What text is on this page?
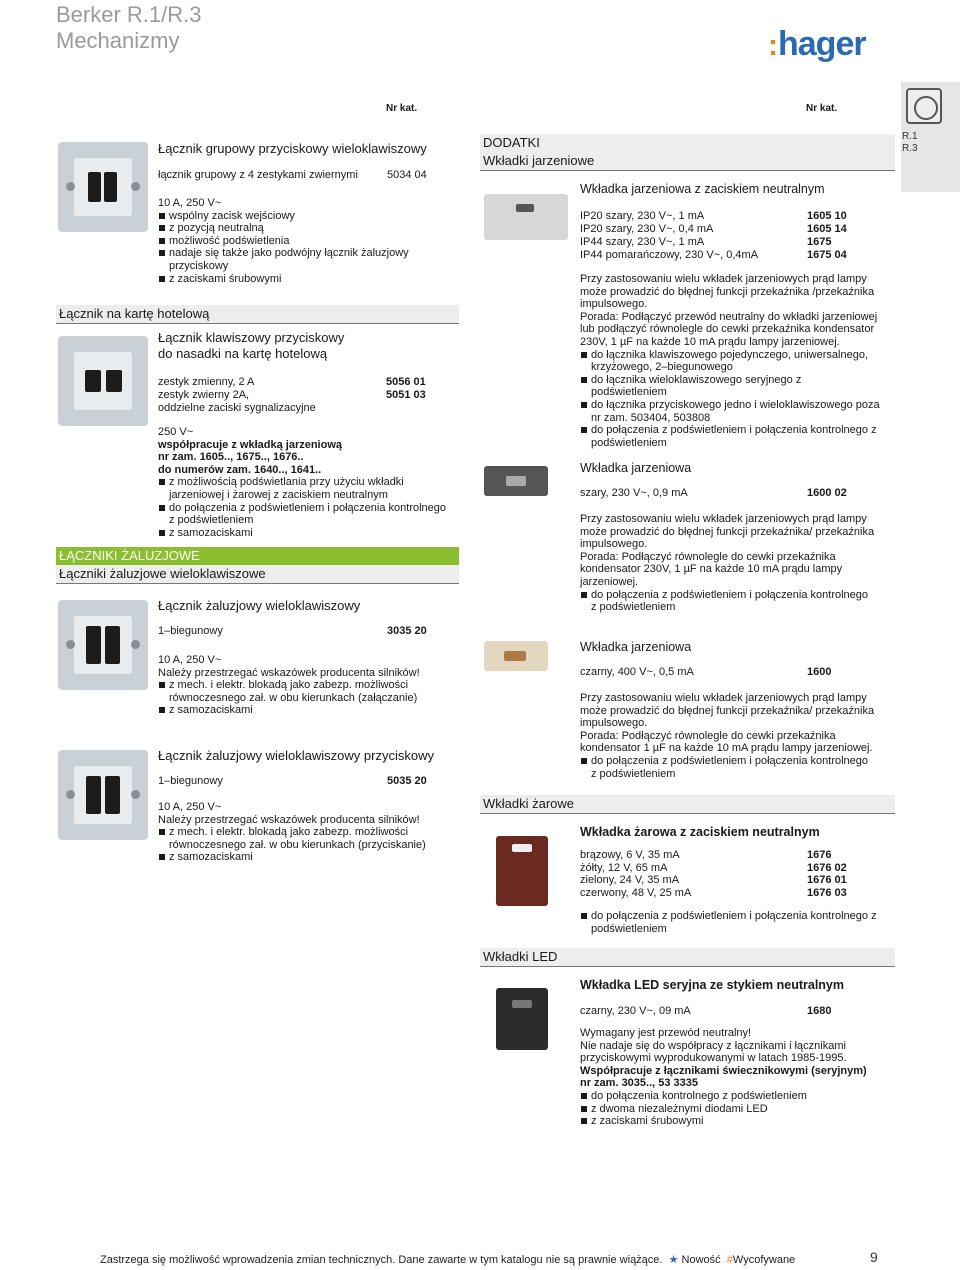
Berker R.1/R.3
Mechanizmy	:hager
Nr kat.	Nr kat.
R.1
R.3
Łącznik grupowy przyciskowy wieloklawiszowy
łącznik grupowy z 4 zestykami zwiernymi	5034 04
10 A, 250 V~
wspólny zacisk wejściowy
z pozycją neutralną
możliwość podświetlenia
nadaje się także jako podwójny łącznik żaluzjowy przyciskowy
z zaciskami śrubowymi
Łącznik na kartę hotelową
Łącznik klawiszowy przyciskowy
do nasadki na kartę hotelową
zestyk zmienny, 2 A	5056 01
zestyk zwierny 2A,	5051 03
oddzielne zaciski sygnalizacyjne
250 V~
współpracuje z wkładką jarzeniową
nr zam. 1605.., 1675.., 1676..
do numerów zam. 1640.., 1641..
z możliwością podświetlania przy użyciu wkładki jarzeniowej i żarowej z zaciskiem neutralnym
do połączenia z podświetleniem i połączenia kontrolnego z podświetleniem
z samozaciskami
ŁĄCZNIKI ŻALUZJOWE
Łączniki żaluzjowe wieloklawiszowe
Łącznik żaluzjowy wieloklawiszowy
1–biegunowy	3035 20
10 A, 250 V~
Należy przestrzegać wskazówek producenta silników!
z mech. i elektr. blokadą jako zabezp. możliwości równoczesnego zał. w obu kierunkach (załączanie)
z samozaciskami
Łącznik żaluzjowy wieloklawiszowy przyciskowy
1–biegunowy	5035 20
10 A, 250 V~
Należy przestrzegać wskazówek producenta silników!
z mech. i elektr. blokadą jako zabezp. możliwości równoczesnego zał. w obu kierunkach (przyciskanie)
z samozaciskami
DODATKI
Wkładki jarzeniowe
Wkładka jarzeniowa z zaciskiem neutralnym
IP20 szary, 230 V~, 1 mA	1605 10
IP20 szary, 230 V~, 0,4 mA	1605 14
IP44 szary, 230 V~, 1 mA	1675
IP44 pomarańczowy, 230 V~, 0,4mA	1675 04
Przy zastosowaniu wielu wkładek jarzeniowych prąd lampy może prowadzić do błędnej funkcji przekaźnika /przekaźnika impulsowego.
Porada: Podłączyć przewód neutralny do wkładki jarzeniowej lub podłączyć równolegle do cewki przekaźnika kondensator 230V, 1 µF na każde 10 mA prądu lampy jarzeniowej.
do łącznika klawiszowego pojedynczego, uniwersalnego, krzyżowego, 2–biegunowego
do łącznika wieloklawiszowego seryjnego z podświetleniem
do łącznika przyciskowego jedno i wieloklawiszowego poza nr zam. 503404, 503808
do połączenia z podświetleniem i połączenia kontrolnego z podświetleniem
Wkładka jarzeniowa
szary, 230 V~, 0,9 mA	1600 02
Przy zastosowaniu wielu wkładek jarzeniowych prąd lampy może prowadzić do błędnej funkcji przekaźnika/ przekaźnika impulsowego.
Porada: Podłączyć równolegle do cewki przekaźnika kondensator 230V, 1 µF na każde 10 mA prądu lampy jarzeniowej.
do połączenia z podświetleniem i połączenia kontrolnego z podświetleniem
Wkładka jarzeniowa
czarny, 400 V~, 0,5 mA	1600
Przy zastosowaniu wielu wkładek jarzeniowych prąd lampy może prowadzić do błędnej funkcji przekaźnika/ przekaźnika impulsowego.
Porada: Podłączyć równolegle do cewki przekaźnika kondensator 1 µF na każde 10 mA prądu lampy jarzeniowej.
do połączenia z podświetleniem i połączenia kontrolnego z podświetleniem
Wkładki żarowe
Wkładka żarowa z zaciskiem neutralnym
brązowy, 6 V, 35 mA	1676
żółty, 12 V, 65 mA	1676 02
zielony, 24 V, 35 mA	1676 01
czerwony, 48 V, 25 mA	1676 03
do połączenia z podświetleniem i połączenia kontrolnego z podświetleniem
Wkładki LED
Wkładka LED seryjna ze stykiem neutralnym
czarny, 230 V~, 09 mA	1680
Wymagany jest przewód neutralny!
Nie nadaje się do współpracy z łącznikami i łącznikami przyciskowymi wyprodukowanymi w latach 1985-1995.
Współpracuje z łącznikami świecznikowymi (seryjnym) nr zam. 3035.., 53 3335
do połączenia kontrolnego z podświetleniem
z dwoma niezależnymi diodami LED
z zaciskami śrubowymi
Zastrzega się możliwość wprowadzenia zmian technicznych. Dane zawarte w tym katalogu nie są prawnie wiążące. ★ Nowość #Wycofywane	9
